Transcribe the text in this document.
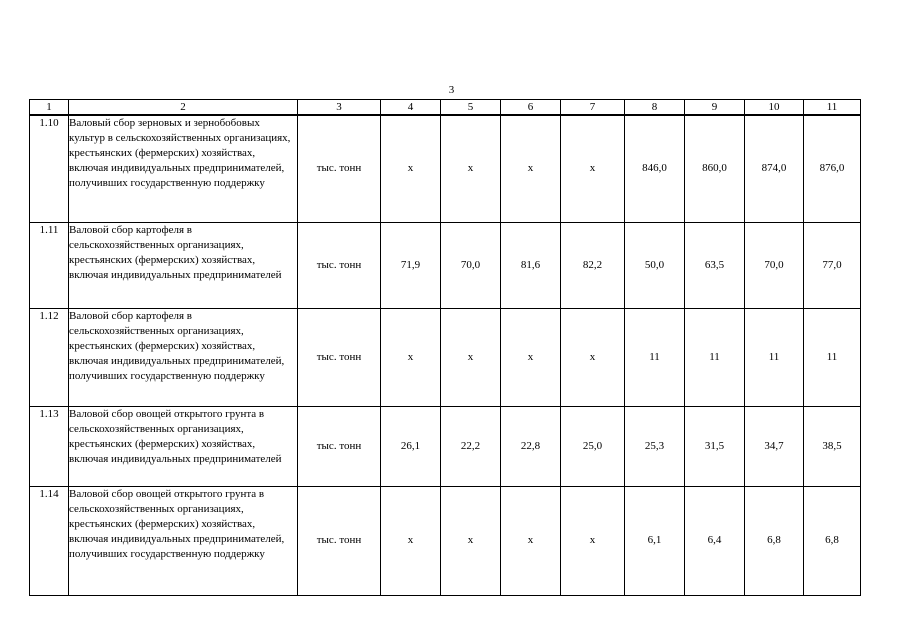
3
1	2	3	4	5	6	7	8	9	10	11
1.10	Валовый сбор зерновых и зернобобовых культур в сельскохозяйственных организациях, крестьянских (фермерских) хозяйствах, включая индивидуальных предпринимателей, получивших государственную поддержку	тыс. тонн	х	х	х	х	846,0	860,0	874,0	876,0
1.11	Валовой сбор картофеля в сельскохозяйственных организациях, крестьянских (фермерских) хозяйствах, включая индивидуальных предпринимателей	тыс. тонн	71,9	70,0	81,6	82,2	50,0	63,5	70,0	77,0
1.12	Валовой сбор картофеля в сельскохозяйственных организациях, крестьянских (фермерских) хозяйствах, включая индивидуальных предпринимателей, получивших государственную поддержку	тыс. тонн	х	х	х	х	11	11	11	11
1.13	Валовой сбор овощей открытого грунта в сельскохозяйственных организациях, крестьянских (фермерских) хозяйствах, включая индивидуальных предпринимателей	тыс. тонн	26,1	22,2	22,8	25,0	25,3	31,5	34,7	38,5
1.14	Валовой сбор овощей открытого грунта в сельскохозяйственных организациях, крестьянских (фермерских) хозяйствах, включая индивидуальных предпринимателей, получивших государственную поддержку	тыс. тонн	х	х	х	х	6,1	6,4	6,8	6,8
